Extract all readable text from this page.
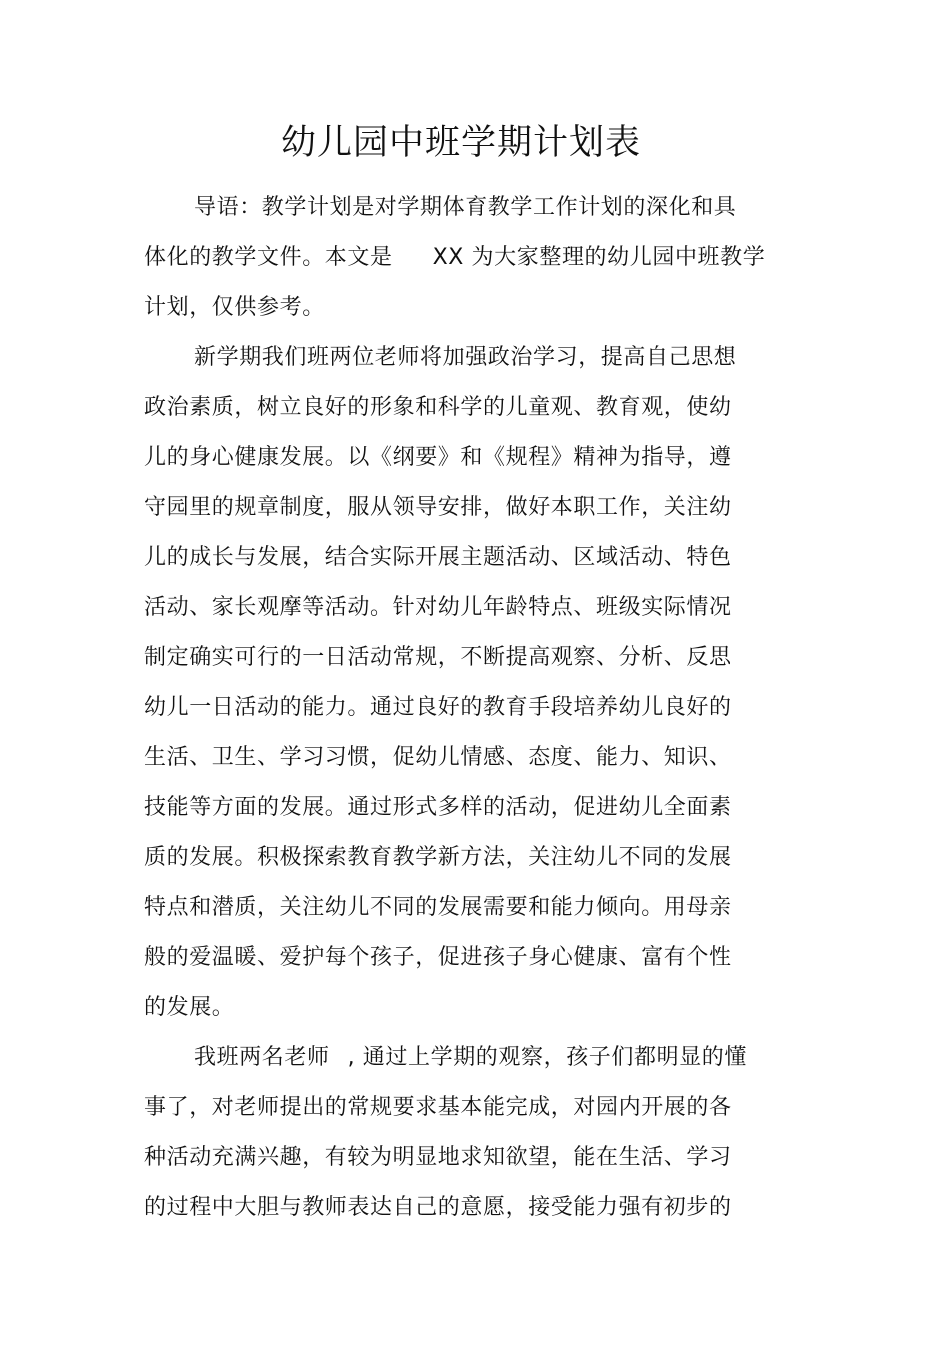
幼儿园中班学期计划表
导语：教学计划是对学期体育教学工作计划的深化和具
体化的教学文件。本文是 XX 为大家整理的幼儿园中班教学
计划，仅供参考。
新学期我们班两位老师将加强政治学习，提高自己思想
政治素质，树立良好的形象和科学的儿童观、教育观，使幼
儿的身心健康发展。以《纲要》和《规程》精神为指导，遵
守园里的规章制度，服从领导安排，做好本职工作，关注幼
儿的成长与发展，结合实际开展主题活动、区域活动、特色
活动、家长观摩等活动。针对幼儿年龄特点、班级实际情况
制定确实可行的一日活动常规，不断提高观察、分析、反思
幼儿一日活动的能力。通过良好的教育手段培养幼儿良好的
生活、卫生、学习习惯，促幼儿情感、态度、能力、知识、
技能等方面的发展。通过形式多样的活动，促进幼儿全面素
质的发展。积极探索教育教学新方法，关注幼儿不同的发展
特点和潜质，关注幼儿不同的发展需要和能力倾向。用母亲
般的爱温暖、爱护每个孩子，促进孩子身心健康、富有个性
的发展。
我班两名老师 , 通过上学期的观察，孩子们都明显的懂
事了，对老师提出的常规要求基本能完成，对园内开展的各
种活动充满兴趣，有较为明显地求知欲望，能在生活、学习
的过程中大胆与教师表达自己的意愿，接受能力强有初步的
